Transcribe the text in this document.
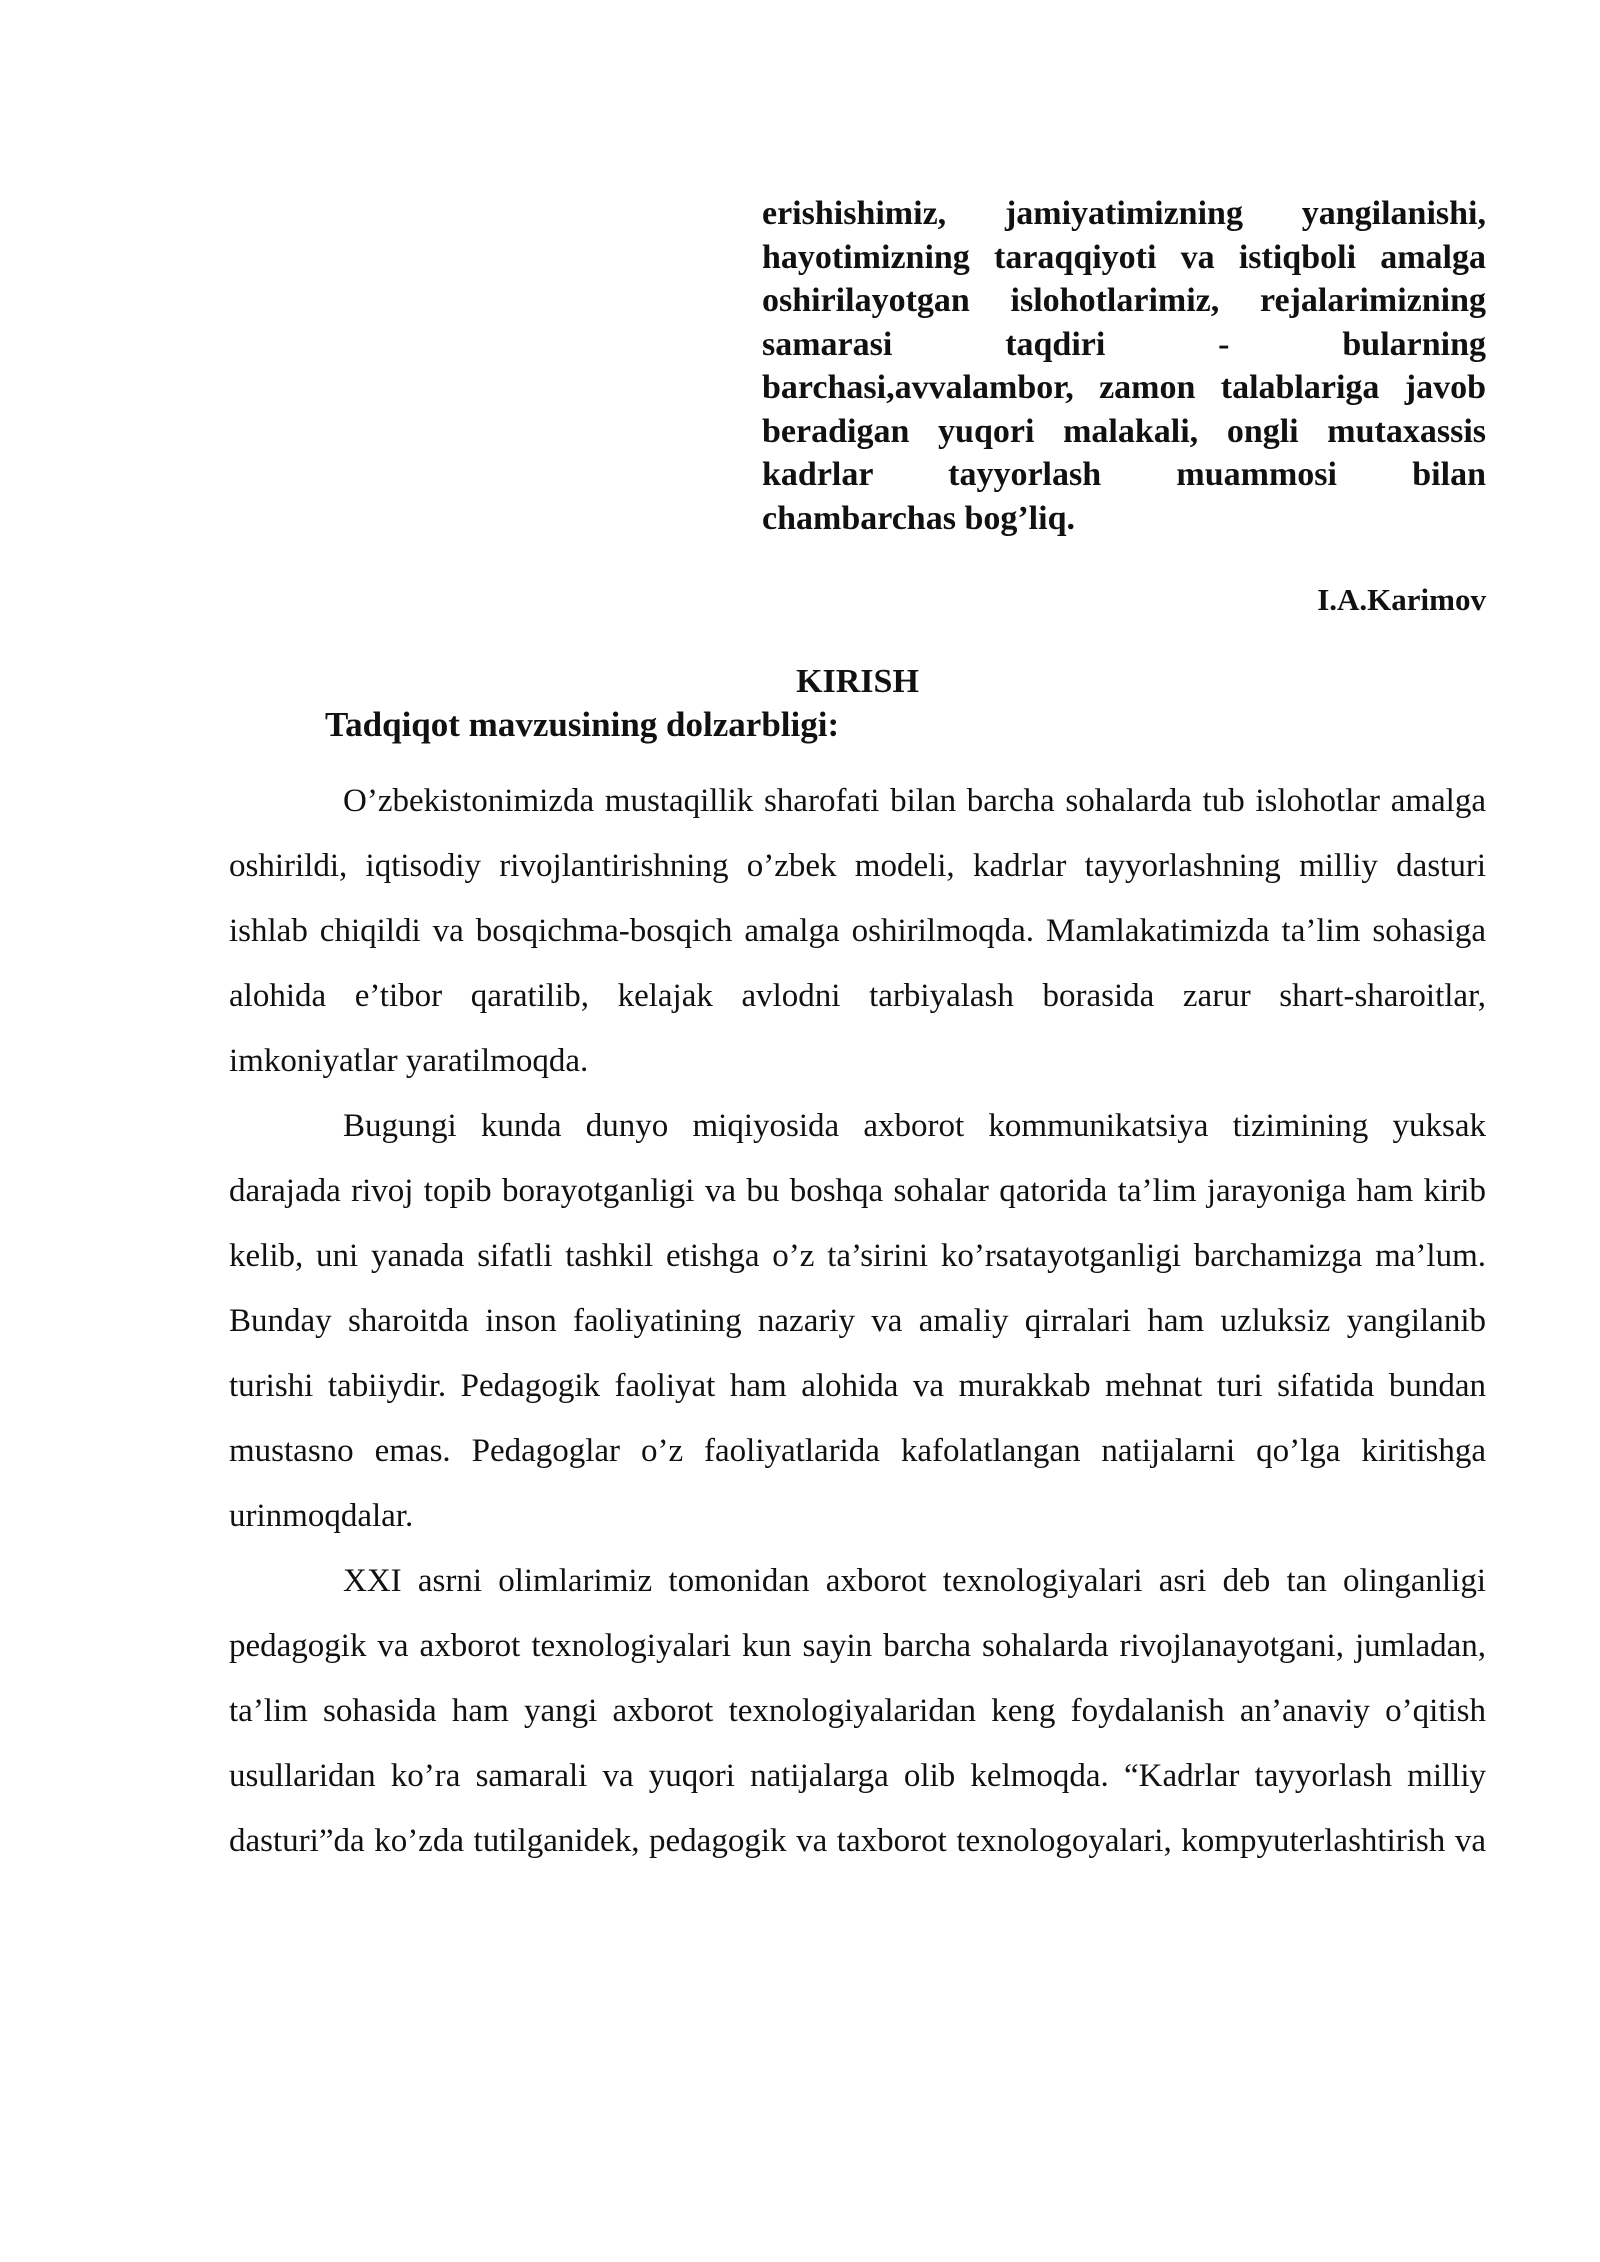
erishishimiz, jamiyatimizning yangilanishi, hayotimizning taraqqiyoti va istiqboli amalga oshirilayotgan islohotlarimiz, rejalarimizning samarasi taqdiri - bularning barchasi,avvalambor, zamon talablariga javob beradigan yuqori malakali, ongli mutaxassis kadrlar tayyorlash muammosi bilan chambarchas bog’liq.

I.A.Karimov

KIRISH
Tadqiqot mavzusining dolzarbligi:

O’zbekistonimizda mustaqillik sharofati bilan barcha sohalarda tub islohotlar amalga oshirildi, iqtisodiy rivojlantirishning o’zbek modeli, kadrlar tayyorlashning milliy dasturi ishlab chiqildi va bosqichma-bosqich amalga oshirilmoqda. Mamlakatimizda ta’lim sohasiga alohida e’tibor qaratilib, kelajak avlodni tarbiyalash borasida zarur shart-sharoitlar, imkoniyatlar yaratilmoqda.

Bugungi kunda dunyo miqiyosida axborot kommunikatsiya tizimining yuksak darajada rivoj topib borayotganligi va bu boshqa sohalar qatorida ta’lim jarayoniga ham kirib kelib, uni yanada sifatli tashkil etishga o’z ta’sirini ko’rsatayotganligi barchamizga ma’lum. Bunday sharoitda inson faoliyatining nazariy va amaliy qirralari ham uzluksiz yangilanib turishi tabiiydir. Pedagogik faoliyat ham alohida va murakkab mehnat turi sifatida bundan mustasno emas. Pedagoglar o’z faoliyatlarida kafolatlangan natijalarni qo’lga kiritishga urinmoqdalar.

XXI asrni olimlarimiz tomonidan axborot texnologiyalari asri deb tan olinganligi pedagogik va axborot texnologiyalari kun sayin barcha sohalarda rivojlanayotgani, jumladan, ta’lim sohasida ham yangi axborot texnologiyalaridan keng foydalanish an’anaviy o’qitish usullaridan ko’ra samarali va yuqori natijalarga olib kelmoqda. “Kadrlar tayyorlash milliy dasturi”da ko’zda tutilganidek, pedagogik va taxborot texnologoyalari, kompyuterlashtirish va
